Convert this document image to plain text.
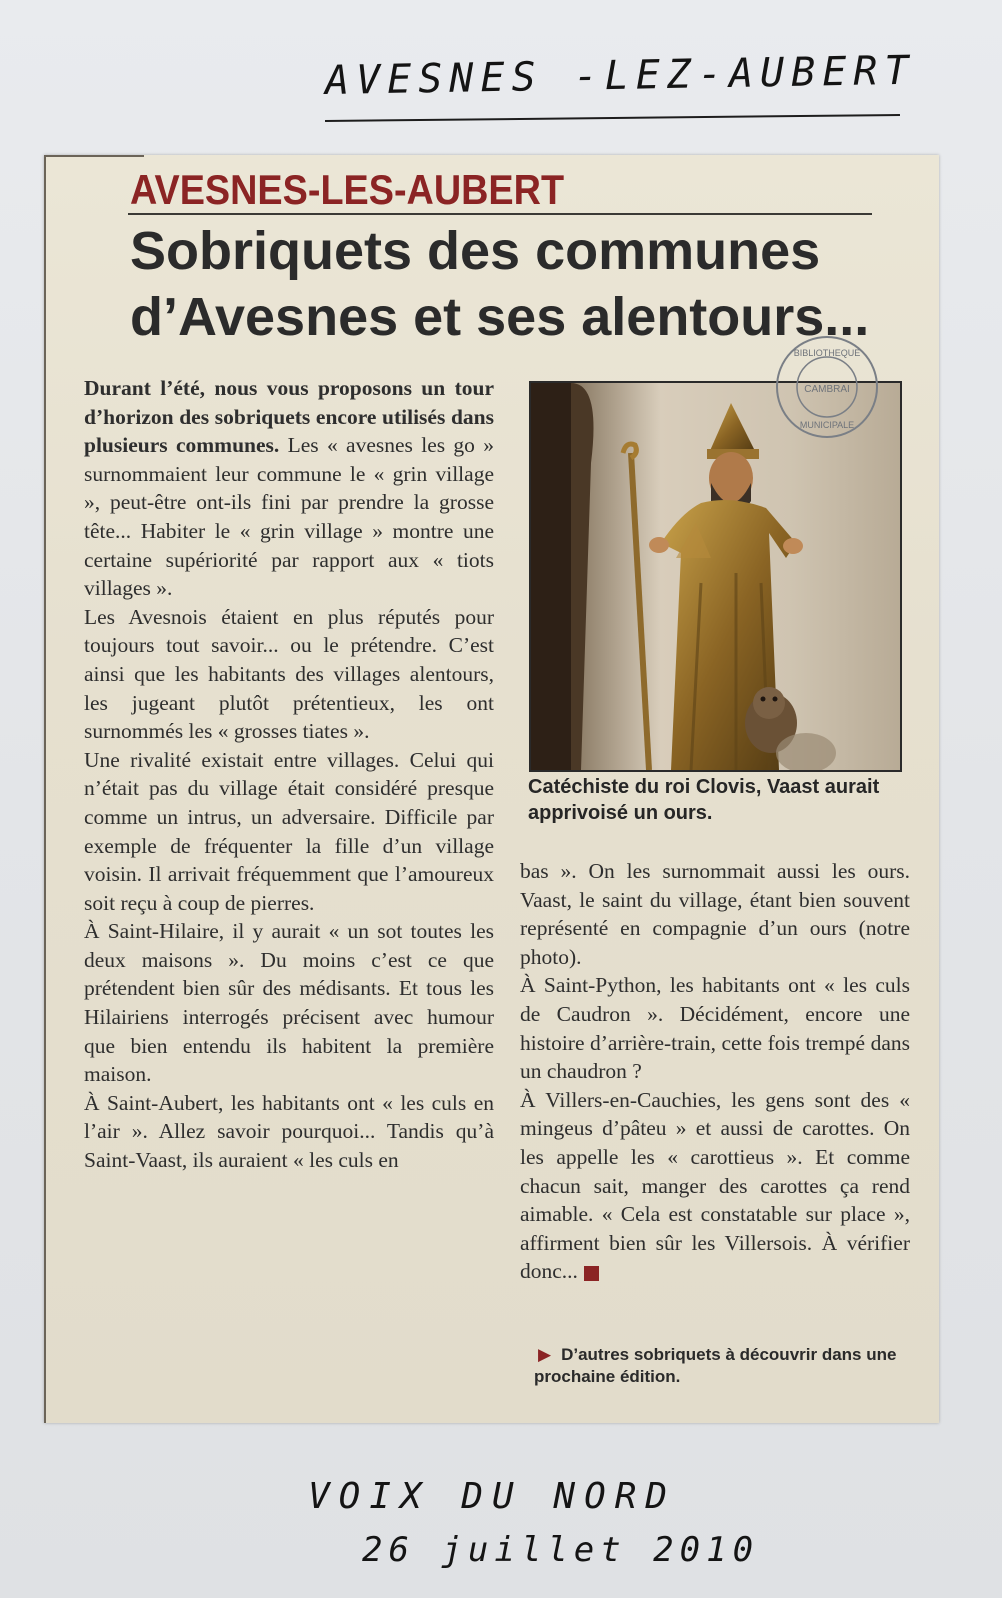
AVESNES -LEZ-AUBERT
AVESNES-LES-AUBERT
Sobriquets des communes
d’Avesnes et ses alentours...

Durant l’été, nous vous proposons un tour d’horizon des sobriquets encore utilisés dans plusieurs communes. Les « avesnes les go » surnommaient leur commune le « grin village », peut-être ont-ils fini par prendre la grosse tête... Habiter le « grin village » montre une certaine supériorité par rapport aux « tiots villages ».

Les Avesnois étaient en plus réputés pour toujours tout savoir... ou le prétendre. C’est ainsi que les habitants des villages alentours, les jugeant plutôt prétentieux, les ont surnommés les « grosses tiates ».

Une rivalité existait entre villages. Celui qui n’était pas du village était considéré presque comme un intrus, un adversaire. Difficile par exemple de fréquenter la fille d’un village voisin. Il arrivait fréquemment que l’amoureux soit reçu à coup de pierres.

À Saint-Hilaire, il y aurait « un sot toutes les deux maisons ». Du moins c’est ce que prétendent bien sûr des médisants. Et tous les Hilairiens interrogés précisent avec humour que bien entendu ils habitent la première maison.

À Saint-Aubert, les habitants ont « les culs en l’air ». Allez savoir pourquoi... Tandis qu’à Saint-Vaast, ils auraient « les culs en

CAMBRAI
BIBLIOTHEQUE
MUNICIPALE
Catéchiste du roi Clovis, Vaast aurait apprivoisé un ours.

bas ». On les surnommait aussi les ours. Vaast, le saint du village, étant bien souvent représenté en compagnie d’un ours (notre photo).

À Saint-Python, les habitants ont « les culs de Caudron ». Décidément, encore une histoire d’arrière-train, cette fois trempé dans un chaudron ?

À Villers-en-Cauchies, les gens sont des « mingeus d’pâteu » et aussi de carottes. On les appelle les « carottieus ». Et comme chacun sait, manger des carottes ça rend aimable. « Cela est constatable sur place », affirment bien sûr les Villersois. À vérifier donc...

▶ D’autres sobriquets à découvrir dans une prochaine édition.
VOIX DU NORD
26 juillet 2010
